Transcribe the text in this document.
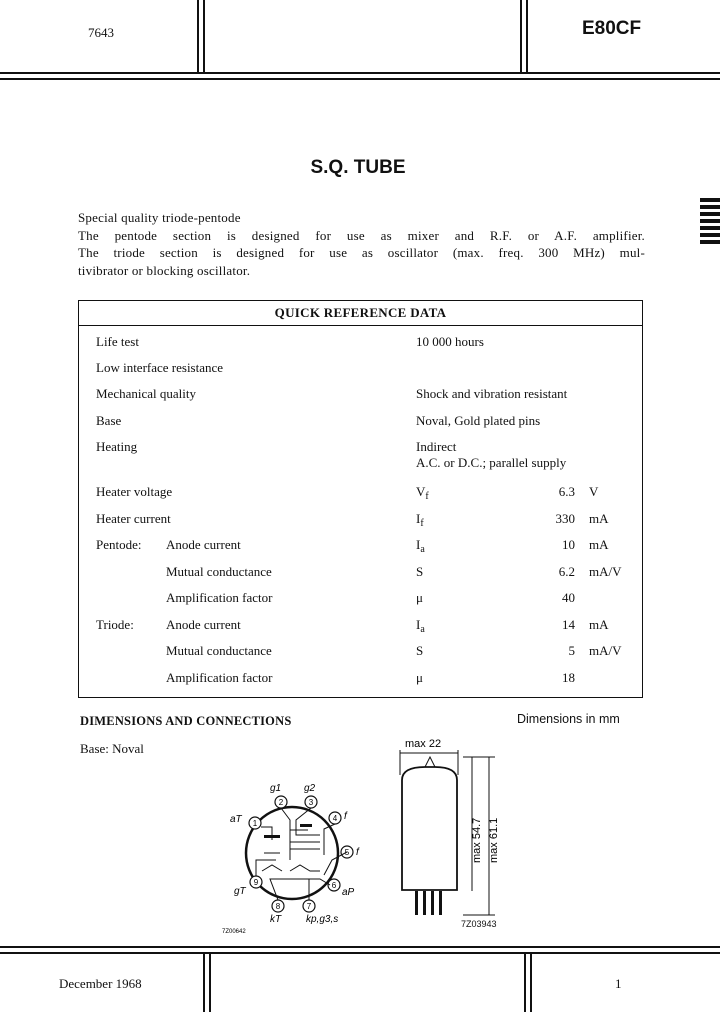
7643	E80CF
S.Q. TUBE
Special quality triode-pentode
The pentode section is designed for use as mixer and R.F. or A.F. amplifier.
The triode section is designed for use as oscillator (max. freq. 300 MHz) mul-
tivibrator or blocking oscillator.
QUICK REFERENCE DATA
Life test	10 000 hours
Low interface resistance
Mechanical quality	Shock and vibration resistant
Base	Noval, Gold plated pins
Heating	Indirect
A.C. or D.C.; parallel supply
Heater voltage	$V_f$	6.3 V
Heater current	$I_f$	330 mA
Pentode: Anode current	$I_a$	10 mA
Mutual conductance	S	6.2 mA/V
Amplification factor	μ	40
Triode: Anode current	$I_a$	14 mA
Mutual conductance	S	5 mA/V
Amplification factor	μ	18
DIMENSIONS AND CONNECTIONS	Dimensions in mm
Base: Noval
1
2	3
4
5
6
7
8
9
g1 g2
aT	f
f
gT	aP
kT kp,g3,s
7Z00642
max 22
max 54.7 max 61.1
7Z03943
December 1968	1
